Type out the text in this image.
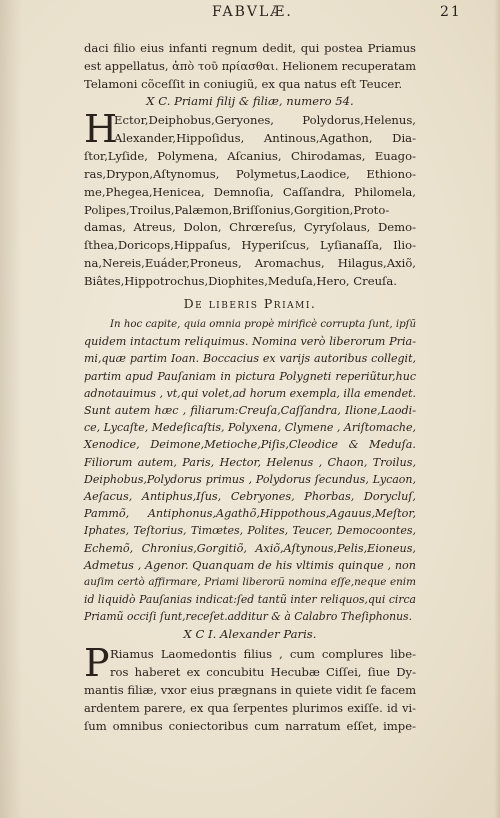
FABVLÆ.	21
daci filio eius infanti regnum dedit, qui postea Priamus
est appellatus, ἀπὸ τοῦ πρίασθαι. Helionem recuperatam
Telamoni cõceſſit in coniugiũ, ex qua natus eſt Teucer.
X C. Priami filij & filiæ, numero 54.
H
Ector,Deiphobus,Geryones, Polydorus,Helenus,
Alexander,Hippoſidus, Antinous,Agathon, Dia-
ſtor,Lyſide, Polymena, Aſcanius, Chirodamas, Euago-
ras,Drypon,Aſtynomus, Polymetus,Laodice, Ethiono-
me,Phegea,Henicea, Demnoſia, Caſſandra, Philomela,
Polipes,Troilus,Palæmon,Briſſonius,Gorgition,Proto-
damas, Atreus, Dolon, Chrœreſus, Cyryſolaus, Demo-
ſthea,Doricops,Hippaſus, Hyperiſcus, Lyſianaſſa, Ilio-
na,Nereis,Euáder,Proneus, Aromachus, Hilagus,Axiõ,
Biâtes,Hippotrochus,Diophites,Meduſa,Hero, Creuſa.
De liberis Priami.
In hoc capite, quia omnia propè mirificè corrupta ſunt, ipſũ
quidem intactum reliquimus. Nomina verò liberorum Pria-
mi,quæ partim Ioan. Boccacius ex varijs autoribus collegit,
partim apud Pauſaniam in pictura Polygneti reperiũtur,huc
adnotauimus , vt,qui volet,ad horum exempla, illa emendet.
Sunt autem hæc , filiarum:Creuſa,Caſſandra, Ilione,Laodi-
ce, Lycaſte, Medeſicaſtis, Polyxena, Clymene , Ariſtomache,
Xenodice, Deimone,Metioche,Piſis,Cleodice & Meduſa.
Filiorum autem, Paris, Hector, Helenus , Chaon, Troilus,
Deiphobus,Polydorus primus , Polydorus ſecundus, Lycaon,
Aeſacus, Antiphus,Iſus, Cebryones, Phorbas, Dorycluſ,
Pammõ, Antiphonus,Agathõ,Hippothous,Agauus,Meſtor,
Iphates, Teſtorius, Timœtes, Polites, Teucer, Democoontes,
Echemõ, Chronius,Gorgitiõ, Axiõ,Aſtynous,Pelis,Eioneus,
Admetus , Agenor. Quanquam de his vltimis quinque , non
auſim certò affirmare, Priami liberorũ nomina eſſe,neque enim
id liquidò Pauſanias indicat:ſed tantũ inter reliquos,qui circa
Priamũ occiſi ſunt,receſet.additur & à Calabro Theſiphonus.
X C I. Alexander Paris.
P Riamus Laomedontis filius , cum complures libe-
ros haberet ex concubitu Hecubæ Ciſſei, ſiue Dy-
mantis filiæ, vxor eius prægnans in quiete vidit ſe facem
ardentem parere, ex qua ſerpentes plurimos exiſſe. id vi-
ſum omnibus coniectoribus cum narratum eſſet, impe-
